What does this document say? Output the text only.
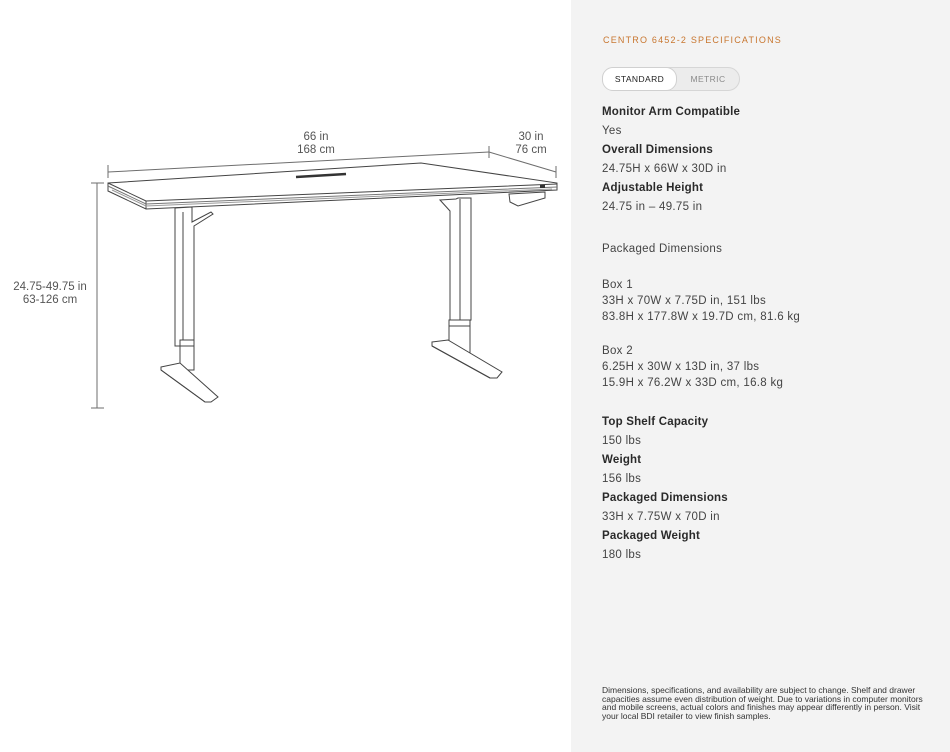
66 in
168 cm
30 in
76 cm
24.75-49.75 in
63-126 cm
CENTRO 6452-2 SPECIFICATIONS
STANDARD	METRIC
Monitor Arm Compatible
Yes
Overall Dimensions
24.75H x 66W x 30D in
Adjustable Height
24.75 in – 49.75 in
Packaged Dimensions
Box 1
33H x 70W x 7.75D in, 151 lbs
83.8H x 177.8W x 19.7D cm, 81.6 kg
Box 2
6.25H x 30W x 13D in, 37 lbs
15.9H x 76.2W x 33D cm, 16.8 kg
Top Shelf Capacity
150 lbs
Weight
156 lbs
Packaged Dimensions
33H x 7.75W x 70D in
Packaged Weight
180 lbs
Dimensions, specifications, and availability are subject to change. Shelf and drawer capacities assume even distribution of weight. Due to variations in computer monitors and mobile screens, actual colors and finishes may appear differently in person. Visit your local BDI retailer to view finish samples.
